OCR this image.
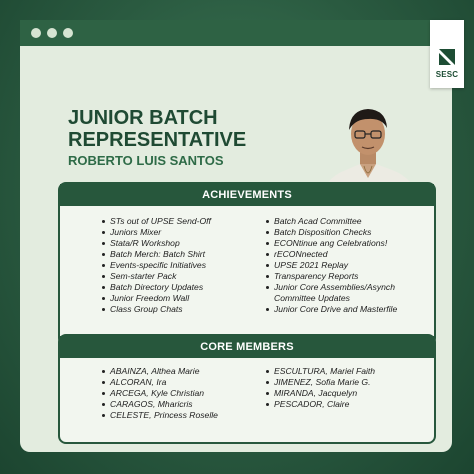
JUNIOR BATCH
REPRESENTATIVE
ROBERTO LUIS SANTOS
ACHIEVEMENTS
STs out of UPSE Send-Off
Juniors Mixer
Stata/R Workshop
Batch Merch: Batch Shirt
Events-specific Initiatives
Sem-starter Pack
Batch Directory Updates
Junior Freedom Wall
Class Group Chats
Batch Acad Committee
Batch Disposition Checks
ECONtinue ang Celebrations!
rECONnected
UPSE 2021 Replay
Transparency Reports
Junior Core Assemblies/Asynch
Committee Updates
Junior Core Drive and Masterfile
CORE MEMBERS
ABAINZA, Althea Marie
ALCORAN, Ira
ARCEGA, Kyle Christian
CARAGOS, Mharicris
CELESTE, Princess Roselle
ESCULTURA, Mariel Faith
JIMENEZ, Sofia Marie G.
MIRANDA, Jacquelyn
PESCADOR, Claire
SESC
